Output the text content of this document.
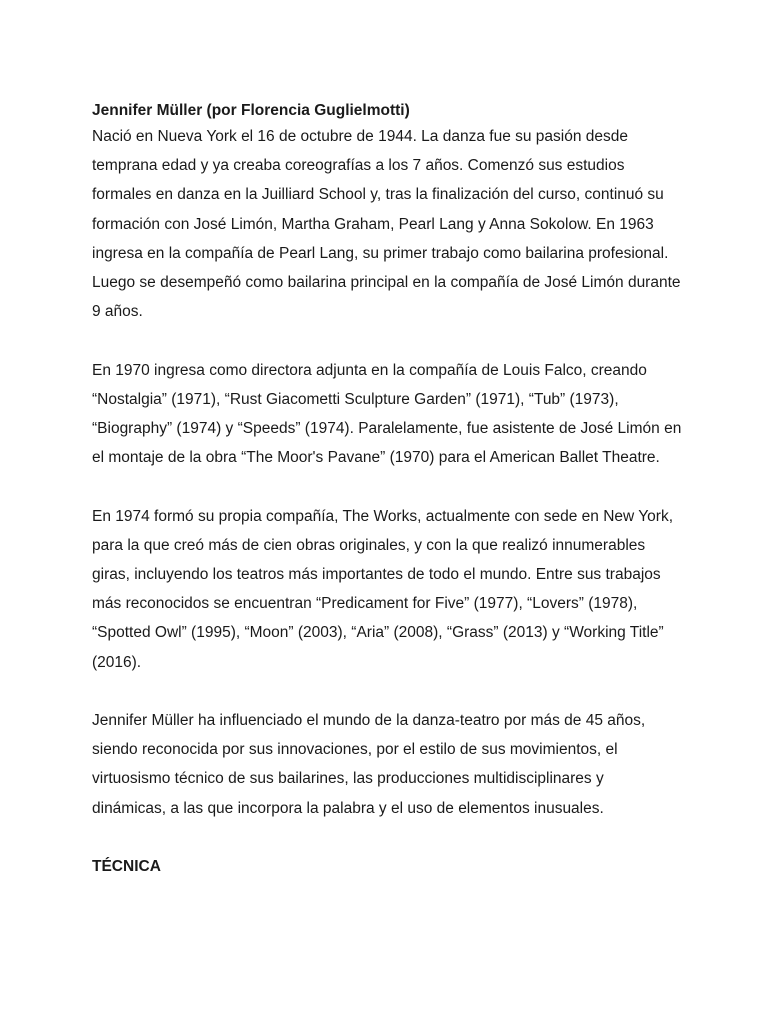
Jennifer Müller (por Florencia Guglielmotti)

Nació en Nueva York el 16 de octubre de 1944. La danza fue su pasión desde temprana edad y ya creaba coreografías a los 7 años. Comenzó sus estudios formales en danza en la Juilliard School y, tras la finalización del curso, continuó su formación con José Limón, Martha Graham, Pearl Lang y Anna Sokolow. En 1963 ingresa en la compañía de Pearl Lang, su primer trabajo como bailarina profesional. Luego se desempeñó como bailarina principal en la compañía de José Limón durante 9 años.

En 1970 ingresa como directora adjunta en la compañía de Louis Falco, creando “Nostalgia” (1971), “Rust Giacometti Sculpture Garden” (1971), “Tub” (1973), “Biography” (1974) y “Speeds” (1974). Paralelamente, fue asistente de José Limón en el montaje de la obra “The Moor's Pavane” (1970) para el American Ballet Theatre.

En 1974 formó su propia compañía, The Works, actualmente con sede en New York, para la que creó más de cien obras originales, y con la que realizó innumerables giras, incluyendo los teatros más importantes de todo el mundo. Entre sus trabajos más reconocidos se encuentran “Predicament for Five” (1977), “Lovers” (1978), “Spotted Owl” (1995), “Moon” (2003), “Aria” (2008), “Grass” (2013) y “Working Title” (2016).

Jennifer Müller ha influenciado el mundo de la danza-teatro por más de 45 años, siendo reconocida por sus innovaciones, por el estilo de sus movimientos, el virtuosismo técnico de sus bailarines, las producciones multidisciplinares y dinámicas, a las que incorpora la palabra y el uso de elementos inusuales.

TÉCNICA
